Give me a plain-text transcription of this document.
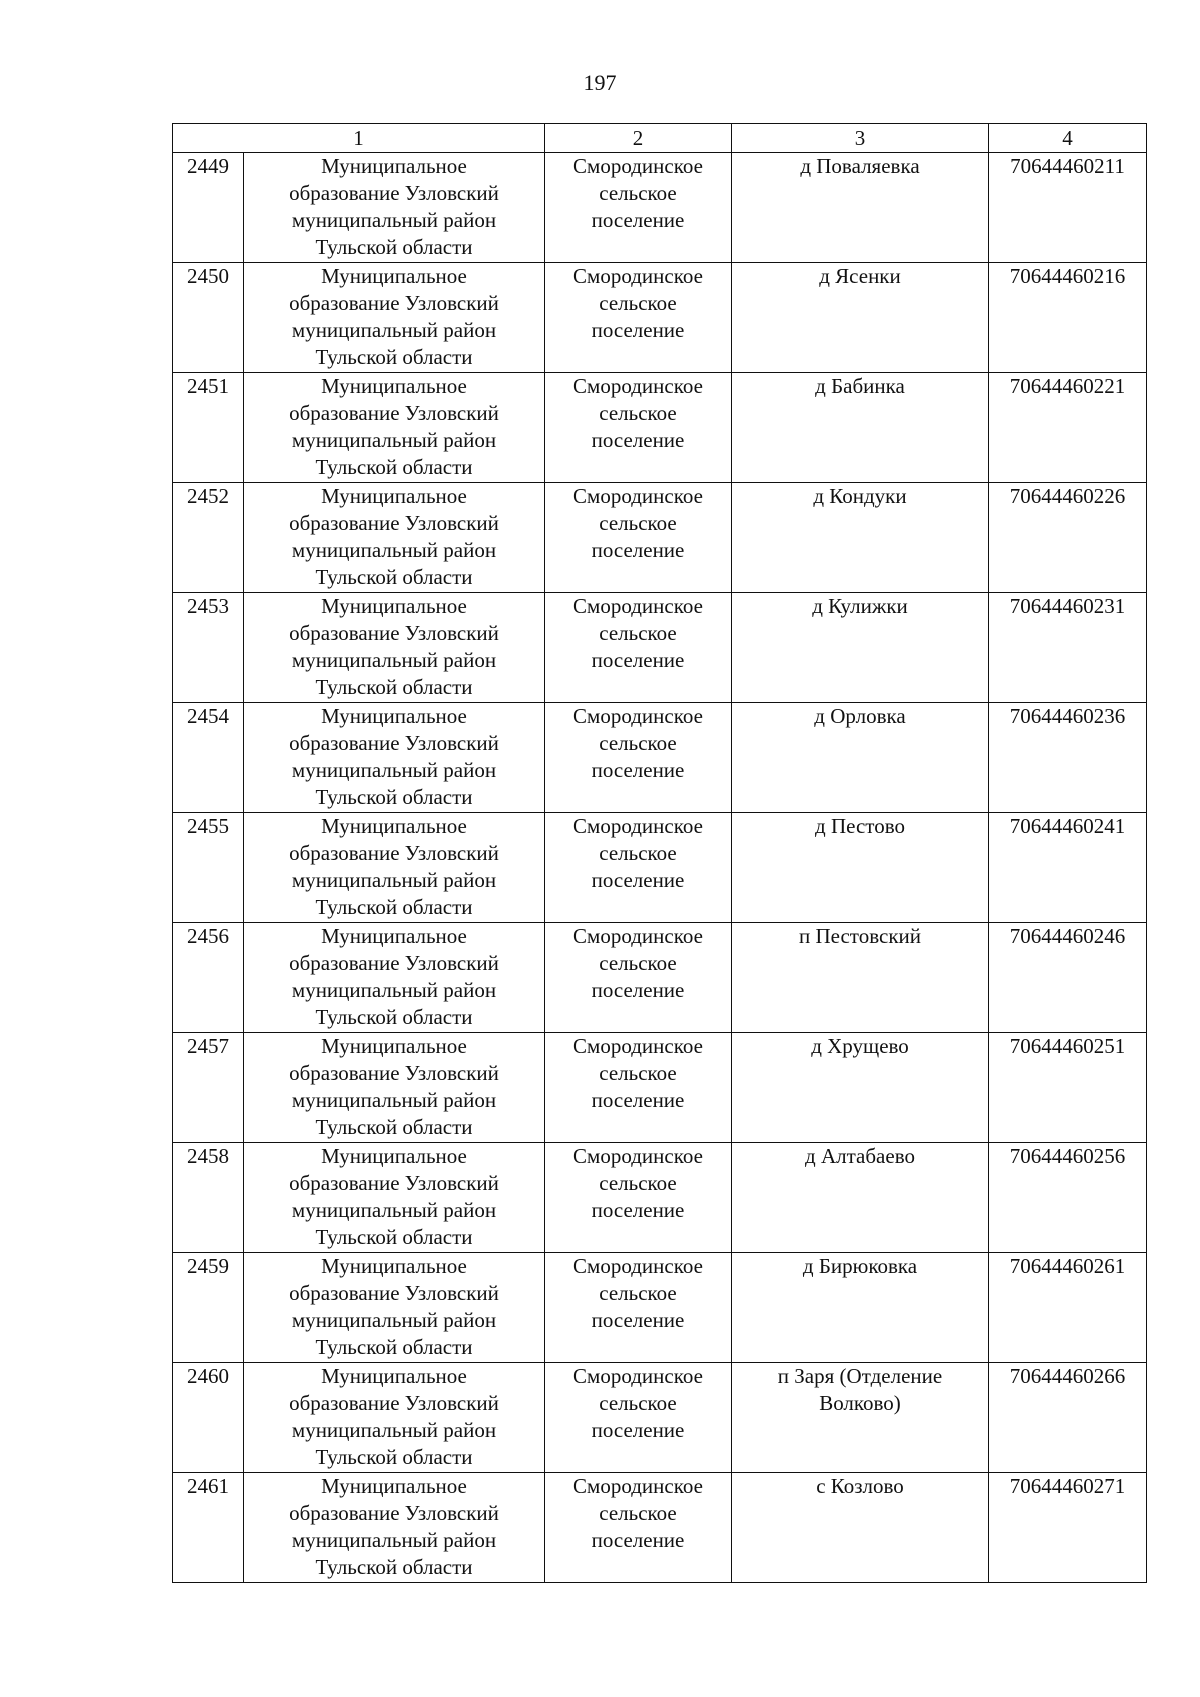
197
1		2	3	4
2449	Муниципальное
образование Узловский
муниципальный район
Тульской области	Смородинское
сельское
поселение	д Поваляевка	70644460211
2450	Муниципальное
образование Узловский
муниципальный район
Тульской области	Смородинское
сельское
поселение	д Ясенки	70644460216
2451	Муниципальное
образование Узловский
муниципальный район
Тульской области	Смородинское
сельское
поселение	д Бабинка	70644460221
2452	Муниципальное
образование Узловский
муниципальный район
Тульской области	Смородинское
сельское
поселение	д Кондуки	70644460226
2453	Муниципальное
образование Узловский
муниципальный район
Тульской области	Смородинское
сельское
поселение	д Кулижки	70644460231
2454	Муниципальное
образование Узловский
муниципальный район
Тульской области	Смородинское
сельское
поселение	д Орловка	70644460236
2455	Муниципальное
образование Узловский
муниципальный район
Тульской области	Смородинское
сельское
поселение	д Пестово	70644460241
2456	Муниципальное
образование Узловский
муниципальный район
Тульской области	Смородинское
сельское
поселение	п Пестовский	70644460246
2457	Муниципальное
образование Узловский
муниципальный район
Тульской области	Смородинское
сельское
поселение	д Хрущево	70644460251
2458	Муниципальное
образование Узловский
муниципальный район
Тульской области	Смородинское
сельское
поселение	д Алтабаево	70644460256
2459	Муниципальное
образование Узловский
муниципальный район
Тульской области	Смородинское
сельское
поселение	д Бирюковка	70644460261
2460	Муниципальное
образование Узловский
муниципальный район
Тульской области	Смородинское
сельское
поселение	п Заря (Отделение
Волково)	70644460266
2461	Муниципальное
образование Узловский
муниципальный район
Тульской области	Смородинское
сельское
поселение	с Козлово	70644460271
